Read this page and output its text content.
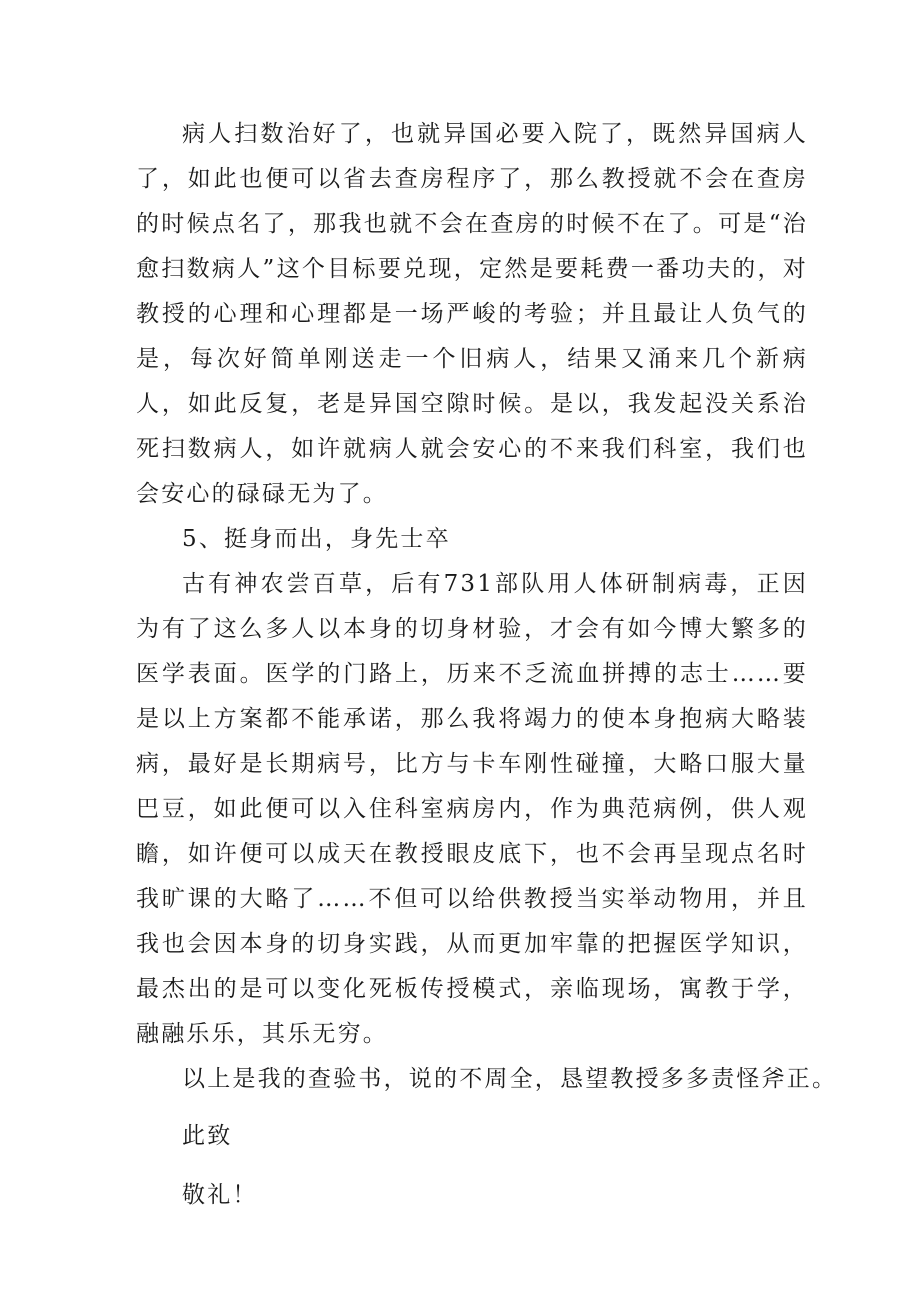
病人扫数治好了，也就异国必要入院了，既然异国病人了，如此也便可以省去查房程序了，那么教授就不会在查房的时候点名了，那我也就不会在查房的时候不在了。可是“治愈扫数病人”这个目标要兑现，定然是要耗费一番功夫的，对教授的心理和心理都是一场严峻的考验；并且最让人负气的是，每次好简单刚送走一个旧病人，结果又涌来几个新病人，如此反复，老是异国空隙时候。是以，我发起没关系治死扫数病人，如许就病人就会安心的不来我们科室，我们也会安心的碌碌无为了。

5、挺身而出，身先士卒

古有神农尝百草，后有731部队用人体研制病毒，正因为有了这么多人以本身的切身材验，才会有如今博大繁多的医学表面。医学的门路上，历来不乏流血拼搏的志士……要是以上方案都不能承诺，那么我将竭力的使本身抱病大略装病，最好是长期病号，比方与卡车刚性碰撞，大略口服大量巴豆，如此便可以入住科室病房内，作为典范病例，供人观瞻，如许便可以成天在教授眼皮底下，也不会再呈现点名时我旷课的大略了……不但可以给供教授当实举动物用，并且我也会因本身的切身实践，从而更加牢靠的把握医学知识，最杰出的是可以变化死板传授模式，亲临现场，寓教于学，融融乐乐，其乐无穷。

以上是我的查验书，说的不周全，恳望教授多多责怪斧正。

此致

敬礼！
